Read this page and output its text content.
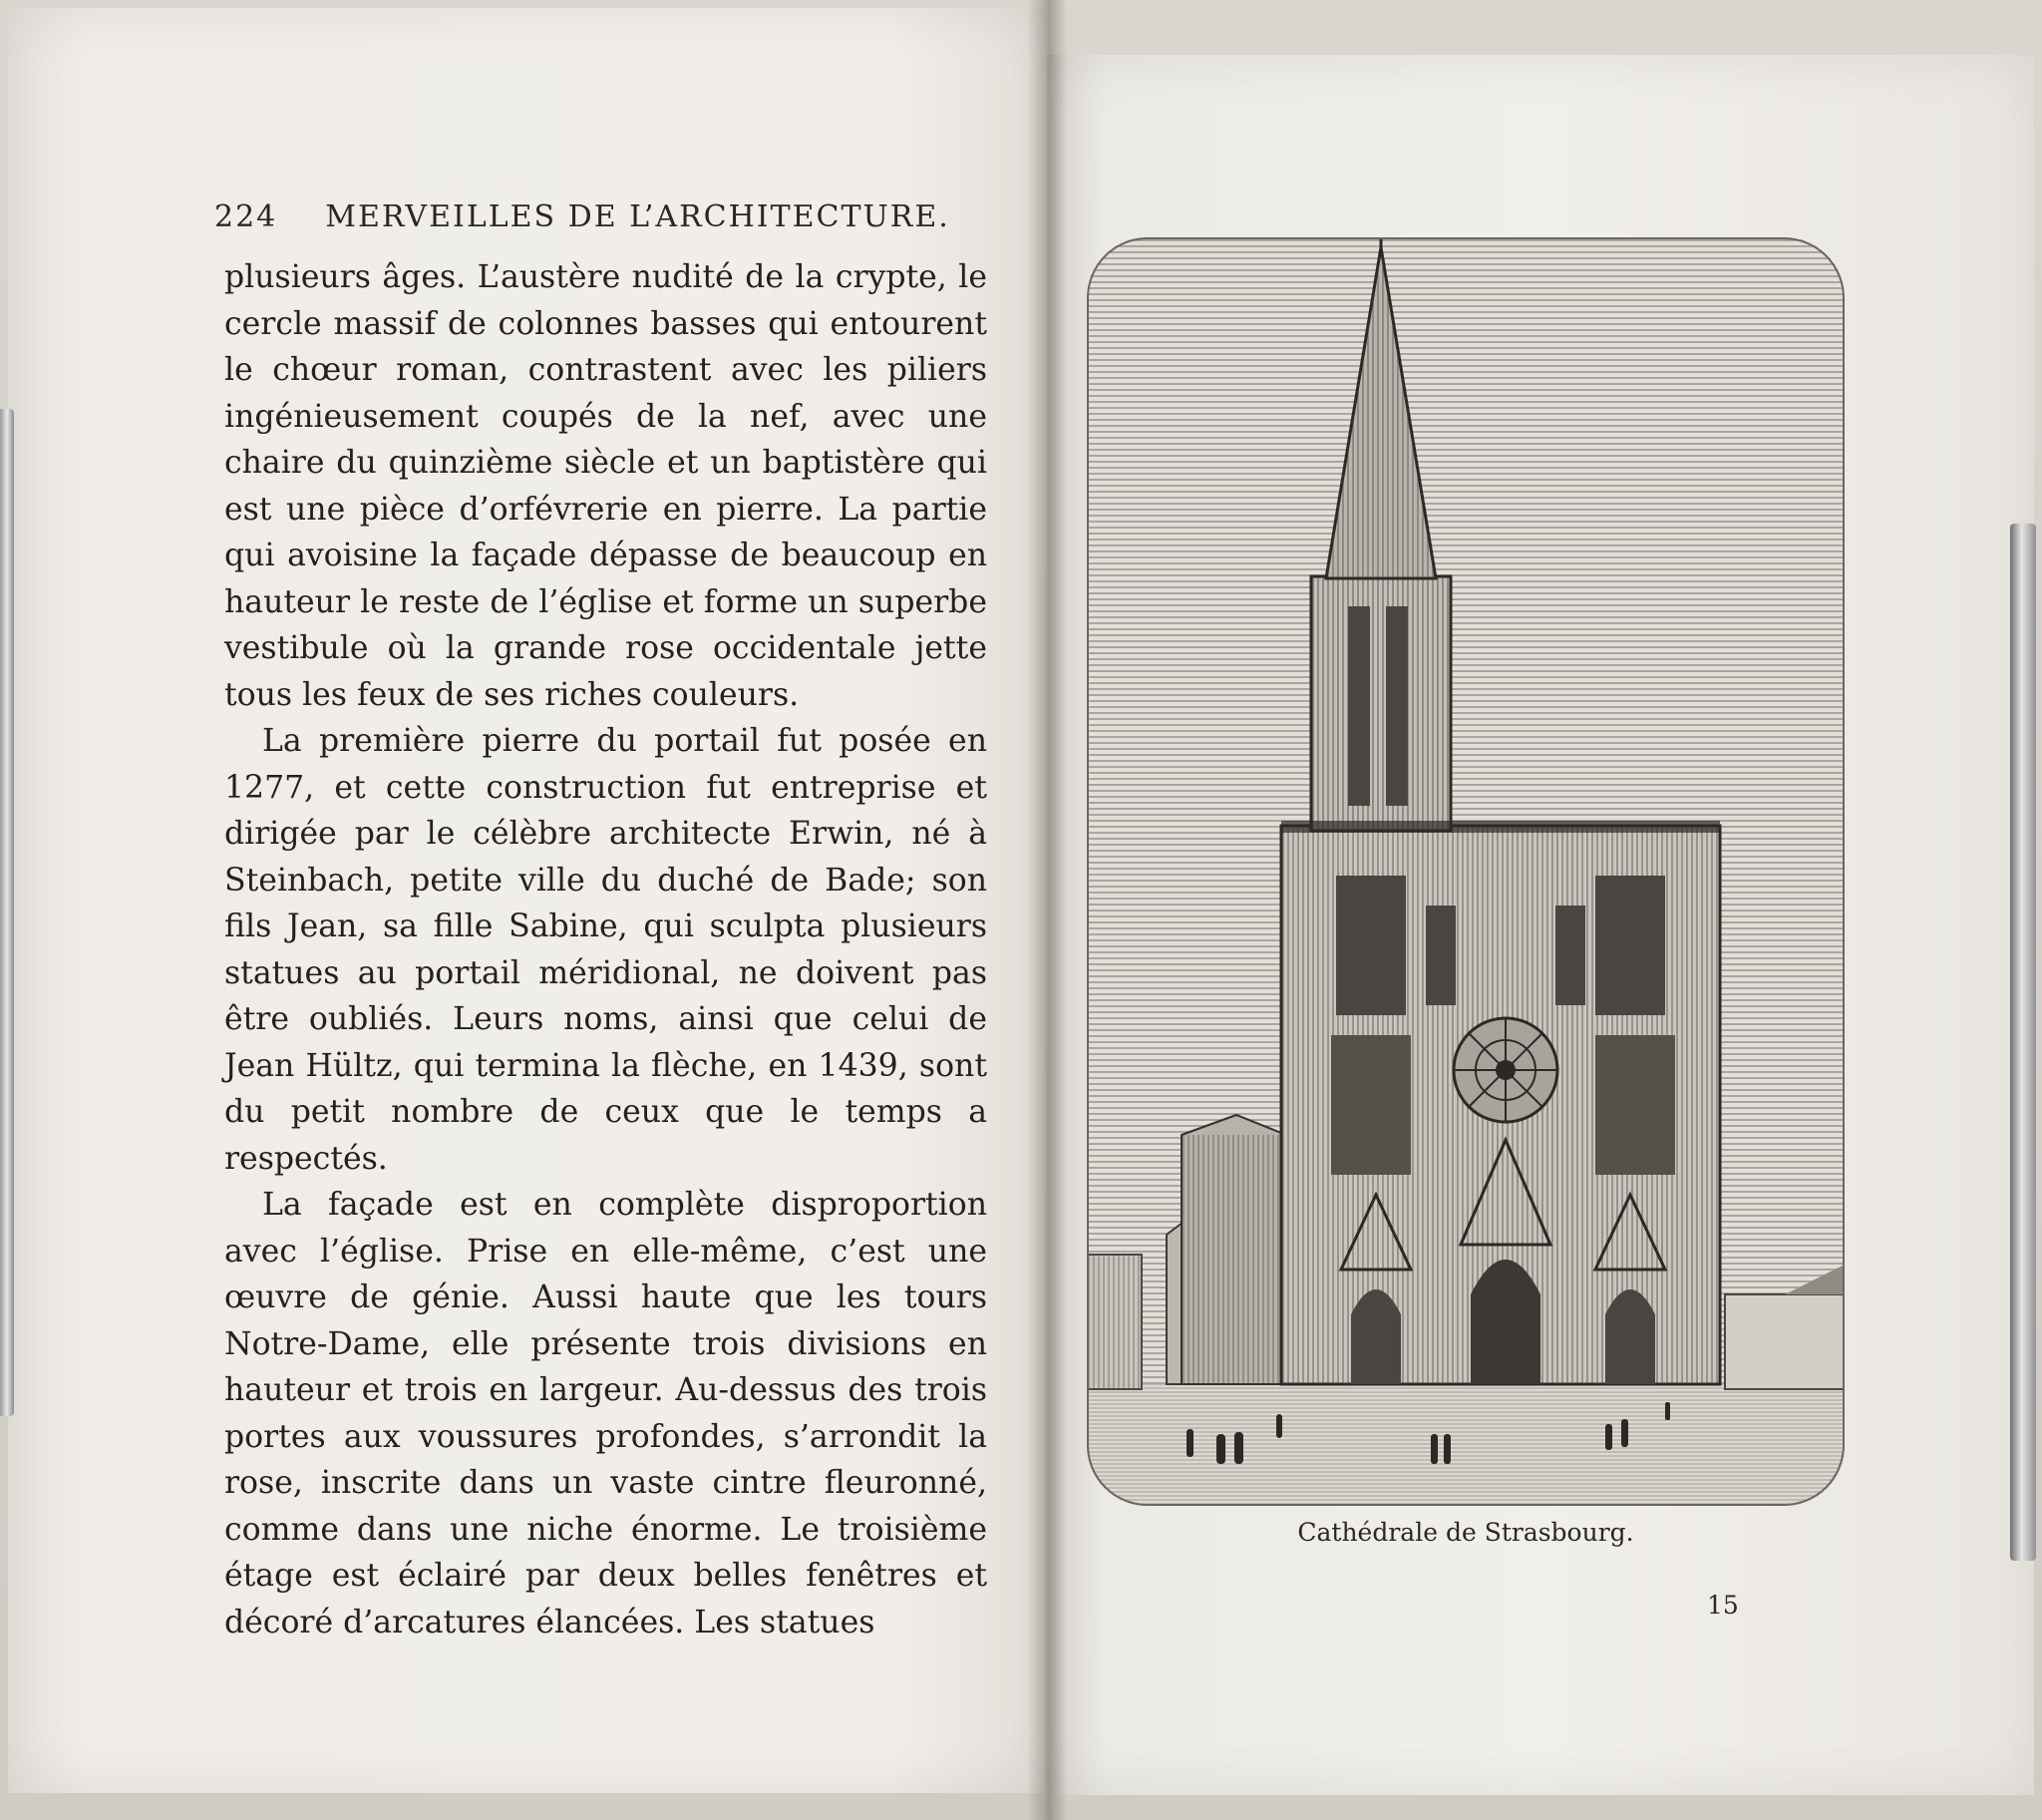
224 MERVEILLES DE L’ARCHITECTURE.

plusieurs âges. L’austère nudité de la crypte, le cercle massif de colonnes basses qui entourent le chœur roman, contrastent avec les piliers ingénieusement coupés de la nef, avec une chaire du quinzième siècle et un baptistère qui est une pièce d’orfévrerie en pierre. La partie qui avoisine la façade dépasse de beaucoup en hauteur le reste de l’église et forme un superbe vestibule où la grande rose occidentale jette tous les feux de ses riches couleurs.

La première pierre du portail fut posée en 1277, et cette construction fut entreprise et dirigée par le célèbre architecte Erwin, né à Steinbach, petite ville du duché de Bade; son fils Jean, sa fille Sabine, qui sculpta plusieurs statues au portail méridional, ne doivent pas être oubliés. Leurs noms, ainsi que celui de Jean Hültz, qui termina la flèche, en 1439, sont du petit nombre de ceux que le temps a respectés.

La façade est en complète disproportion avec l’église. Prise en elle-même, c’est une œuvre de génie. Aussi haute que les tours Notre-Dame, elle présente trois divisions en hauteur et trois en largeur. Au-dessus des trois portes aux voussures profondes, s’arrondit la rose, inscrite dans un vaste cintre fleuronné, comme dans une niche énorme. Le troisième étage est éclairé par deux belles fenêtres et décoré d’arcatures élancées. Les statues

Cathédrale de Strasbourg.
15
